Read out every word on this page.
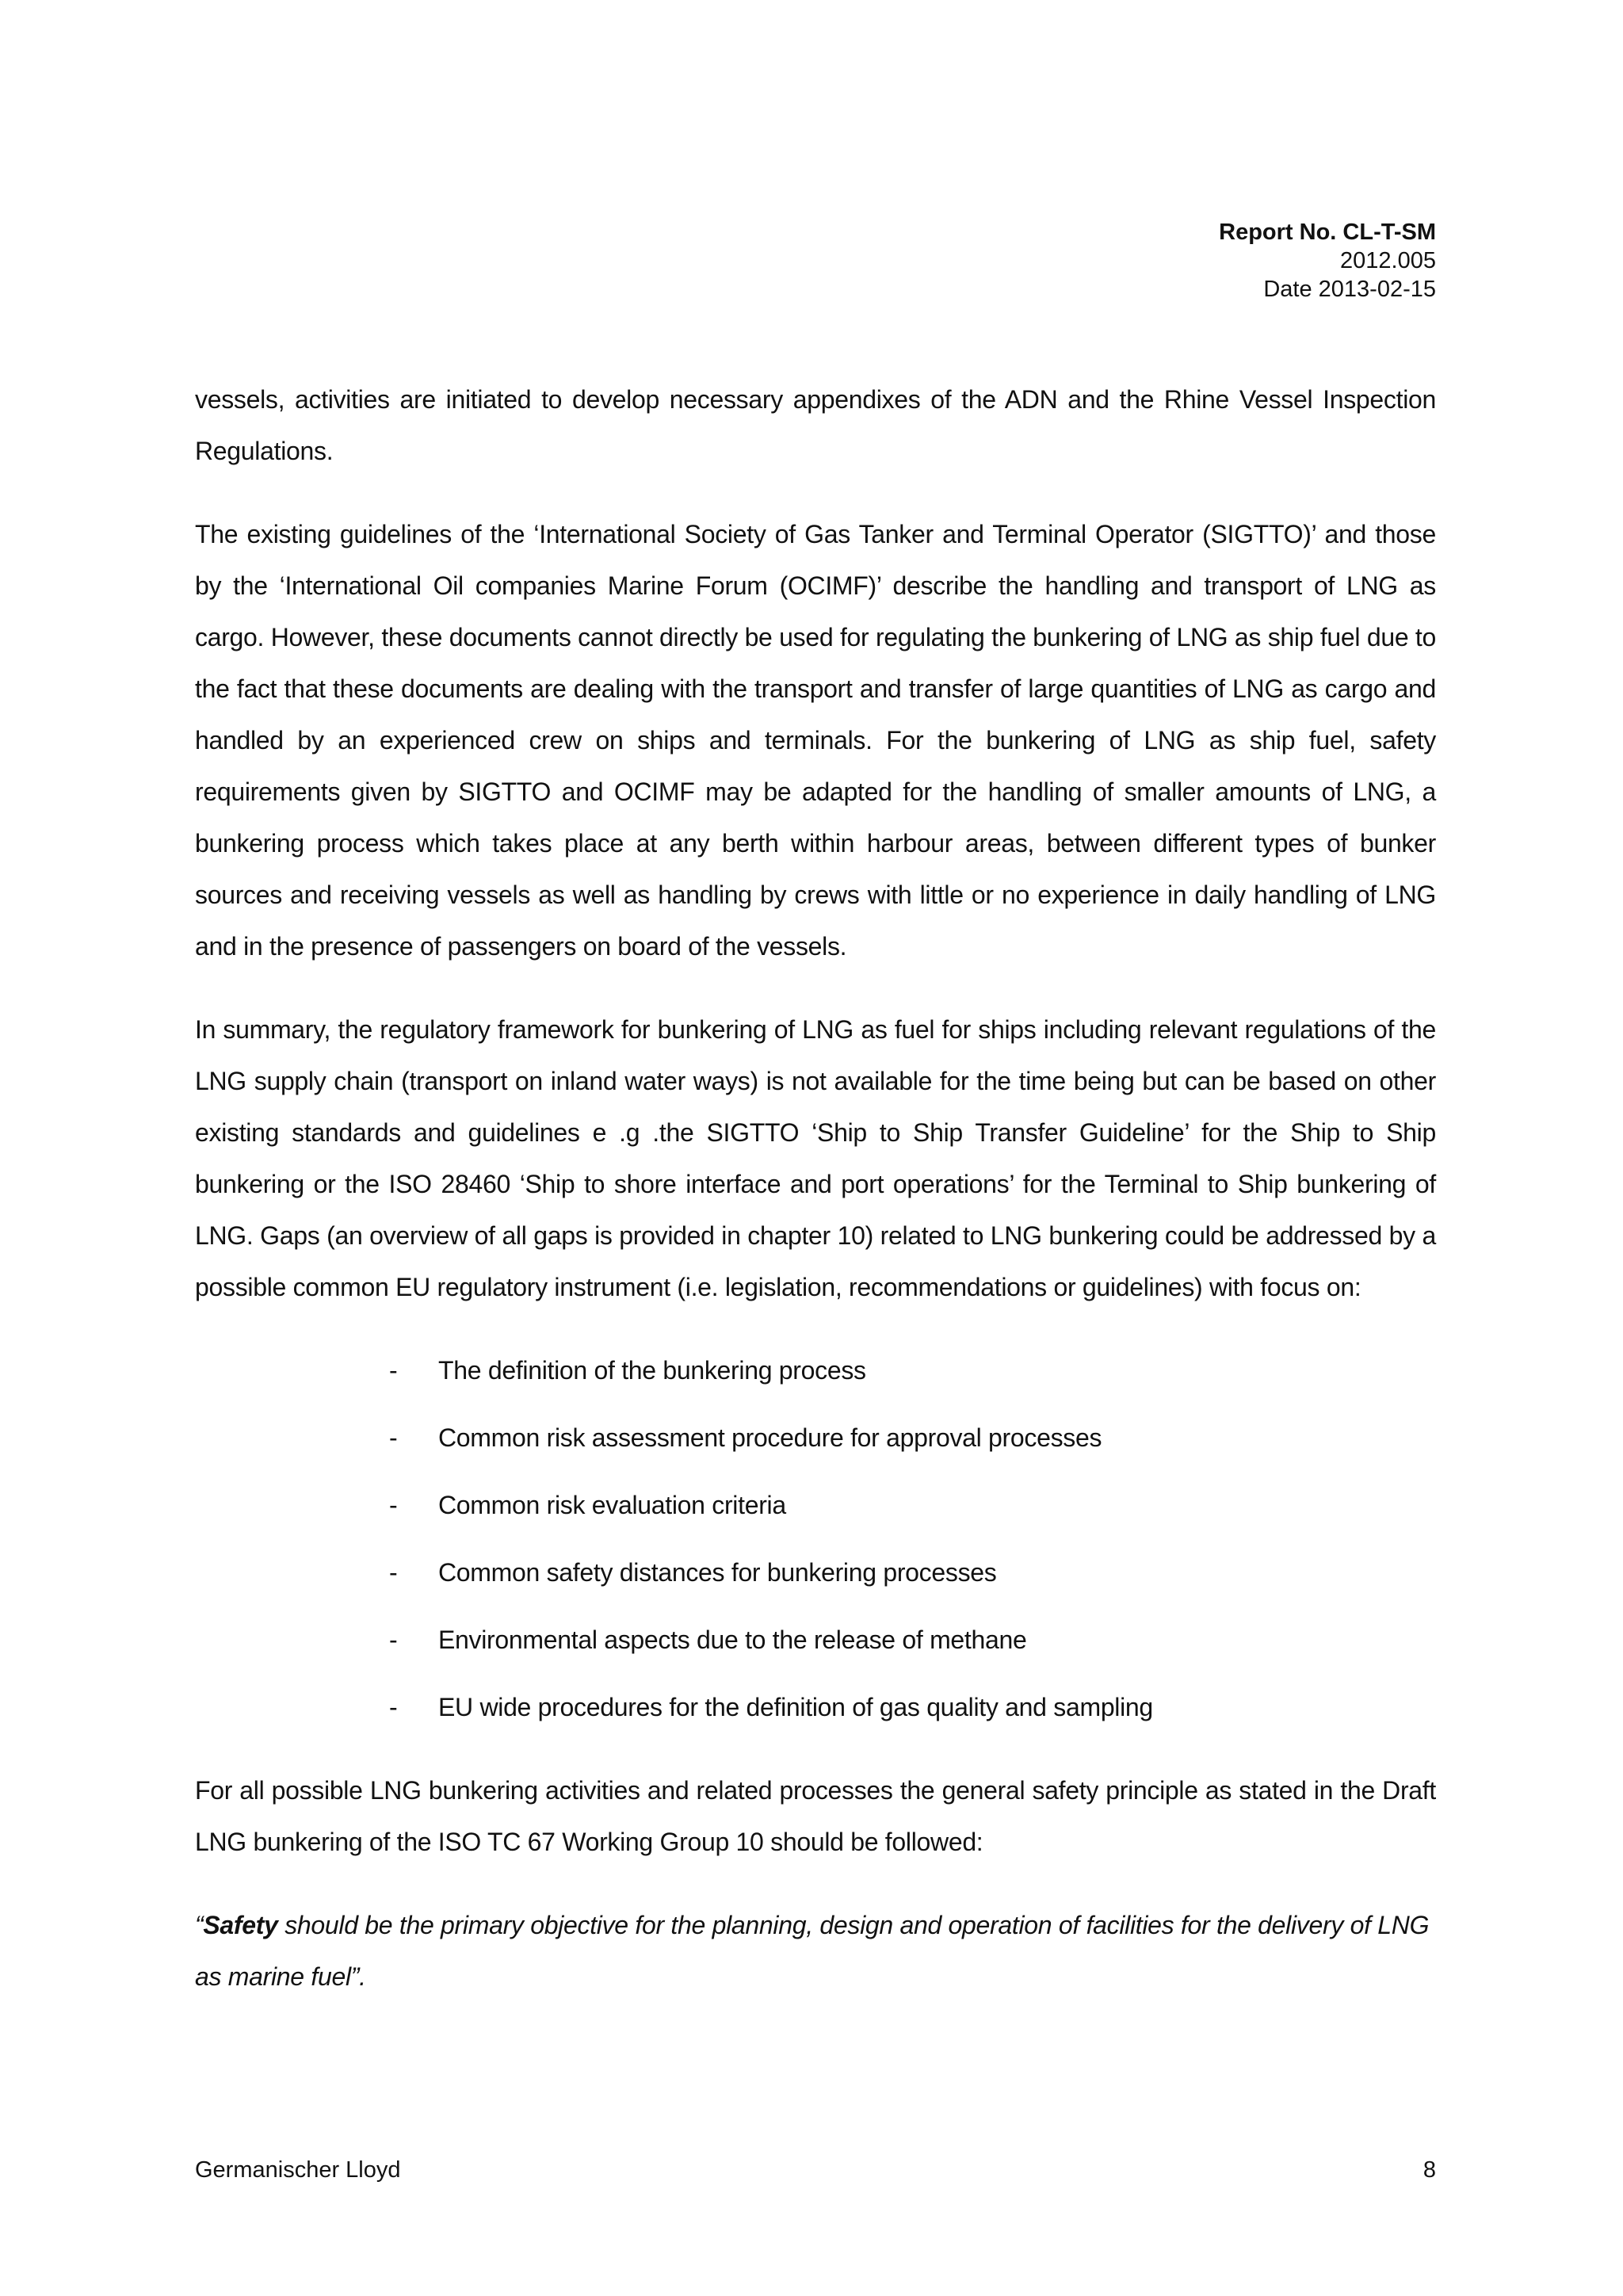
Report No. CL-T-SM
2012.005
Date 2013-02-15

vessels, activities are initiated to develop necessary appendixes of the ADN and the Rhine Vessel Inspection Regulations.

The existing guidelines of the ‘International Society of Gas Tanker and Terminal Operator (SIGTTO)’ and those by the ‘International Oil companies Marine Forum (OCIMF)’ describe the handling and transport of LNG as cargo. However, these documents cannot directly be used for regulating the bunkering of LNG as ship fuel due to the fact that these documents are dealing with the transport and transfer of large quantities of LNG as cargo and handled by an experienced crew on ships and terminals. For the bunkering of LNG as ship fuel, safety requirements given by SIGTTO and OCIMF may be adapted for the handling of smaller amounts of LNG, a bunkering process which takes place at any berth within harbour areas, between different types of bunker sources and receiving vessels as well as handling by crews with little or no experience in daily handling of LNG and in the presence of passengers on board of the vessels.

In summary, the regulatory framework for bunkering of LNG as fuel for ships including relevant regulations of the LNG supply chain (transport on inland water ways) is not available for the time being but can be based on other existing standards and guidelines e .g .the SIGTTO ‘Ship to Ship Transfer Guideline’ for the Ship to Ship bunkering or the ISO 28460 ‘Ship to shore interface and port operations’ for the Terminal to Ship bunkering of LNG. Gaps (an overview of all gaps is provided in chapter 10) related to LNG bunkering could be addressed by a possible common EU regulatory instrument (i.e. legislation, recommendations or guidelines) with focus on:

- The definition of the bunkering process
- Common risk assessment procedure for approval processes
- Common risk evaluation criteria
- Common safety distances for bunkering processes
- Environmental aspects due to the release of methane
- EU wide procedures for the definition of gas quality and sampling

For all possible LNG bunkering activities and related processes the general safety principle as stated in the Draft LNG bunkering of the ISO TC 67 Working Group 10 should be followed:

“Safety should be the primary objective for the planning, design and operation of facilities for the delivery of LNG as marine fuel”.

Germanischer Lloyd	8
